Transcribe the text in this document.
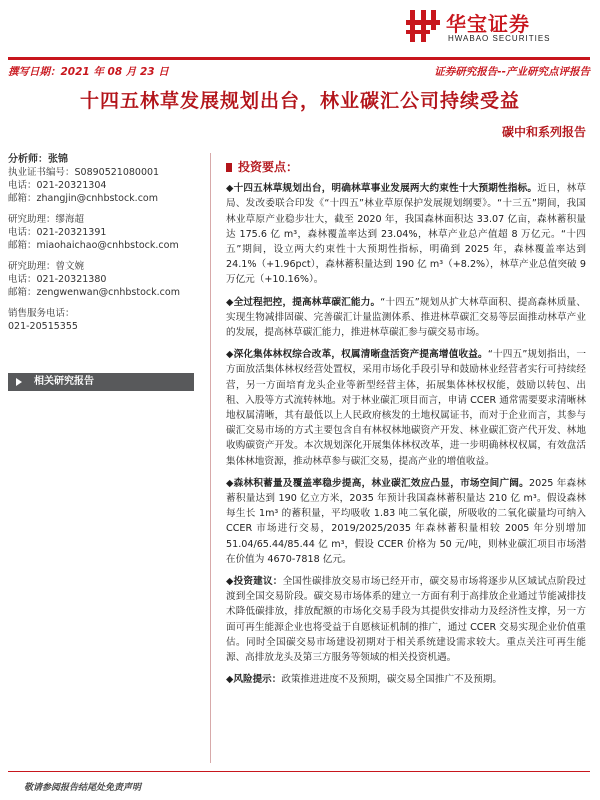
华宝证券
HWABAO SECURITIES
撰写日期：2021 年 08 月 23 日	证券研究报告--产业研究点评报告
十四五林草发展规划出台，林业碳汇公司持续受益
碳中和系列报告
分析师：张锦
执业证书编号：S0890521080001
电话：021-20321304
邮箱：zhangjin@cnhbstock.com
研究助理：缪海超
电话：021-20321391
邮箱：miaohaichao@cnhbstock.com
研究助理：曾文婉
电话：021-20321380
邮箱：zengwenwan@cnhbstock.com
销售服务电话：
021-20515355
相关研究报告
投资要点：

◆十四五林草规划出台，明确林草事业发展两大约束性十大预期性指标。近日，林草局、发改委联合印发《“十四五”林业草原保护发展规划纲要》。“十三五”期间，我国林业草原产业稳步壮大，截至 2020 年，我国森林面积达 33.07 亿亩，森林蓄积量达 175.6 亿 m³，森林覆盖率达到 23.04%，林草产业总产值超 8 万亿元。“十四五”期间，设立两大约束性十大预期性指标，明确到 2025 年，森林覆盖率达到 24.1%（+1.96pct），森林蓄积量达到 190 亿 m³（+8.2%），林草产业总值突破 9 万亿元（+10.16%）。

◆全过程把控，提高林草碳汇能力。“十四五”规划从扩大林草面积、提高森林质量、实现生物减排固碳、完善碳汇计量监测体系、推进林草碳汇交易等层面推动林草产业的发展，提高林草碳汇能力，推进林草碳汇参与碳交易市场。

◆深化集体林权综合改革，权属清晰盘活资产提高增值收益。“十四五”规划指出，一方面放活集体林权经营处置权，采用市场化手段引导和鼓励林业经营者实行可持续经营，另一方面培育龙头企业等新型经营主体，拓展集体林权权能，鼓励以转包、出租、入股等方式流转林地。对于林业碳汇项目而言，申请 CCER 通常需要要求清晰林地权属清晰，其有最低以上人民政府核发的土地权属证书，而对于企业而言，其参与碳汇交易市场的方式主要包含自有林权林地碳资产开发、林业碳汇资产代开发、林地收购碳资产开发。本次规划深化开展集体林权改革，进一步明确林权权属，有效盘活集体林地资源，推动林草参与碳汇交易，提高产业的增值收益。

◆森林积蓄量及覆盖率稳步提高，林业碳汇效应凸显，市场空间广阔。2025 年森林蓄积量达到 190 亿立方米，2035 年预计我国森林蓄积量达 210 亿 m³。假设森林每生长 1m³ 的蓄积量，平均吸收 1.83 吨二氧化碳，所吸收的二氧化碳量均可纳入 CCER 市场进行交易，2019/2025/2035 年森林蓄积量相较 2005 年分别增加 51.04/65.44/85.44 亿 m³，假设 CCER 价格为 50 元/吨，则林业碳汇项目市场潜在价值为 4670-7818 亿元。

◆投资建议：全国性碳排放交易市场已经开市，碳交易市场将逐步从区域试点阶段过渡到全国交易阶段。碳交易市场体系的建立一方面有利于高排放企业通过节能减排技术降低碳排放，排放配额的市场化交易手段为其提供安排动力及经济性支撑，另一方面可再生能源企业也将受益于自愿核证机制的推广，通过 CCER 交易实现企业价值重估。同时全国碳交易市场建设初期对于相关系统建设需求较大。重点关注可再生能源、高排放龙头及第三方服务等领域的相关投资机遇。

◆风险提示：政策推进进度不及预期，碳交易全国推广不及预期。

敬请参阅报告结尾处免责声明
